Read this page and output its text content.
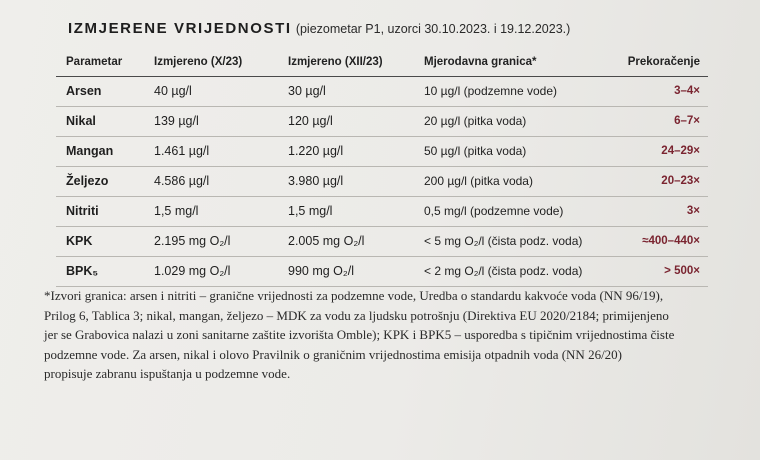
IZMJERENE VRIJEDNOSTI (piezometar P1, uzorci 30.10.2023. i 19.12.2023.)
Parametar	Izmjereno (X/23)	Izmjereno (XII/23)	Mjerodavna granica*	Prekoračenje
Arsen	40 µg/l	30 µg/l	10 µg/l (podzemne vode)	3–4×
Nikal	139 µg/l	120 µg/l	20 µg/l (pitka voda)	6–7×
Mangan	1.461 µg/l	1.220 µg/l	50 µg/l (pitka voda)	24–29×
Željezo	4.586 µg/l	3.980 µg/l	200 µg/l (pitka voda)	20–23×
Nitriti	1,5 mg/l	1,5 mg/l	0,5 mg/l (podzemne vode)	3×
KPK	2.195 mg O₂/l	2.005 mg O₂/l	< 5 mg O₂/l (čista podz. voda)	≈400–440×
BPK₅	1.029 mg O₂/l	990 mg O₂/l	< 2 mg O₂/l (čista podz. voda)	> 500×
*Izvori granica: arsen i nitriti – granične vrijednosti za podzemne vode, Uredba o standardu kakvoće voda (NN 96/19),
Prilog 6, Tablica 3; nikal, mangan, željezo – MDK za vodu za ljudsku potrošnju (Direktiva EU 2020/2184; primijenjeno
jer se Grabovica nalazi u zoni sanitarne zaštite izvorišta Omble); KPK i BPK5 – usporedba s tipičnim vrijednostima čiste
podzemne vode. Za arsen, nikal i olovo Pravilnik o graničnim vrijednostima emisija otpadnih voda (NN 26/20)
propisuje zabranu ispuštanja u podzemne vode.
